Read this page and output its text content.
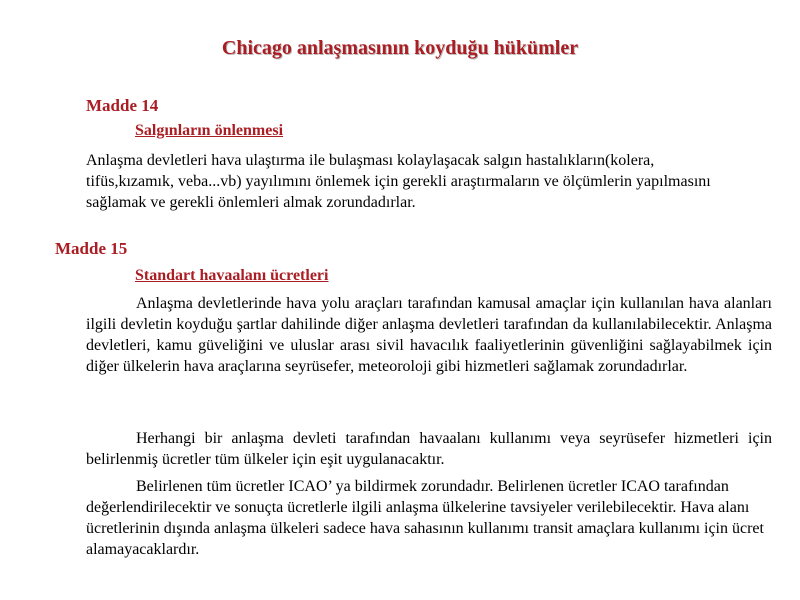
Chicago anlaşmasının koyduğu hükümler
Madde 14
Salgınların önlenmesi

Anlaşma devletleri hava ulaştırma ile bulaşması kolaylaşacak salgın hastalıkların(kolera, tifüs,kızamık, veba...vb) yayılımını önlemek için gerekli araştırmaların ve ölçümlerin yapılmasını sağlamak ve gerekli önlemleri almak zorundadırlar.

Madde 15
Standart havaalanı ücretleri

Anlaşma devletlerinde hava yolu araçları tarafından kamusal amaçlar için kullanılan hava alanları ilgili devletin koyduğu şartlar dahilinde diğer anlaşma devletleri tarafından da kullanılabilecektir. Anlaşma devletleri, kamu güveliğini ve uluslar arası sivil havacılık faaliyetlerinin güvenliğini sağlayabilmek için diğer ülkelerin hava araçlarına seyrüsefer, meteoroloji gibi hizmetleri sağlamak zorundadırlar.

Herhangi bir anlaşma devleti tarafından havaalanı kullanımı veya seyrüsefer hizmetleri için belirlenmiş ücretler tüm ülkeler için eşit uygulanacaktır.

Belirlenen tüm ücretler ICAO’ ya bildirmek zorundadır. Belirlenen ücretler ICAO tarafından değerlendirilecektir ve sonuçta ücretlerle ilgili anlaşma ülkelerine tavsiyeler verilebilecektir. Hava alanı ücretlerinin dışında anlaşma ülkeleri sadece hava sahasının kullanımı transit amaçlara kullanımı için ücret alamayacaklardır.
